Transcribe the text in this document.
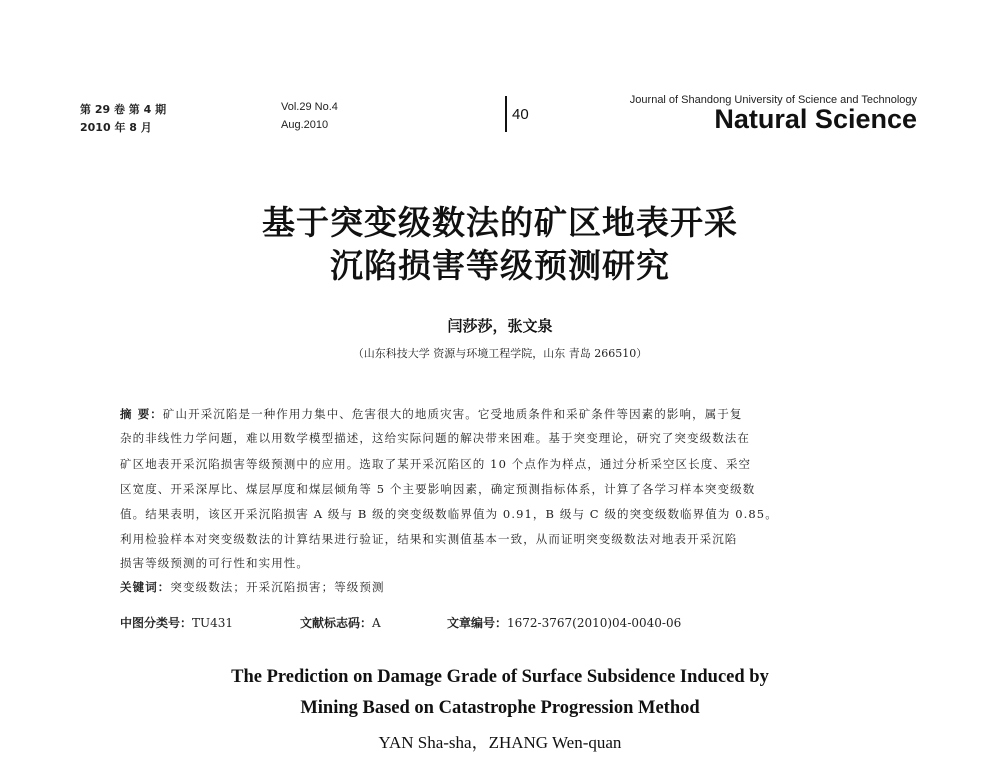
第 29 卷 第 4 期
2010 年 8 月
Vol.29 No.4
Aug.2010
40
Journal of Shandong University of Science and Technology
Natural Science
基于突变级数法的矿区地表开采
沉陷损害等级预测研究
闫莎莎，张文泉
（山东科技大学 资源与环境工程学院，山东 青岛 266510）
摘 要：矿山开采沉陷是一种作用力集中、危害很大的地质灾害。它受地质条件和采矿条件等因素的影响，属于复
杂的非线性力学问题，难以用数学模型描述，这给实际问题的解决带来困难。基于突变理论，研究了突变级数法在
矿区地表开采沉陷损害等级预测中的应用。选取了某开采沉陷区的 10 个点作为样点，通过分析采空区长度、采空
区宽度、开采深厚比、煤层厚度和煤层倾角等 5 个主要影响因素，确定预测指标体系，计算了各学习样本突变级数
值。结果表明，该区开采沉陷损害 A 级与 B 级的突变级数临界值为 0.91，B 级与 C 级的突变级数临界值为 0.85。
利用检验样本对突变级数法的计算结果进行验证，结果和实测值基本一致，从而证明突变级数法对地表开采沉陷
损害等级预测的可行性和实用性。
关键词：突变级数法；开采沉陷损害；等级预测
中图分类号：TU431	文献标志码：A	文章编号：1672-3767(2010)04-0040-06
The Prediction on Damage Grade of Surface Subsidence Induced by
Mining Based on Catastrophe Progression Method
YAN Sha-sha，ZHANG Wen-quan
